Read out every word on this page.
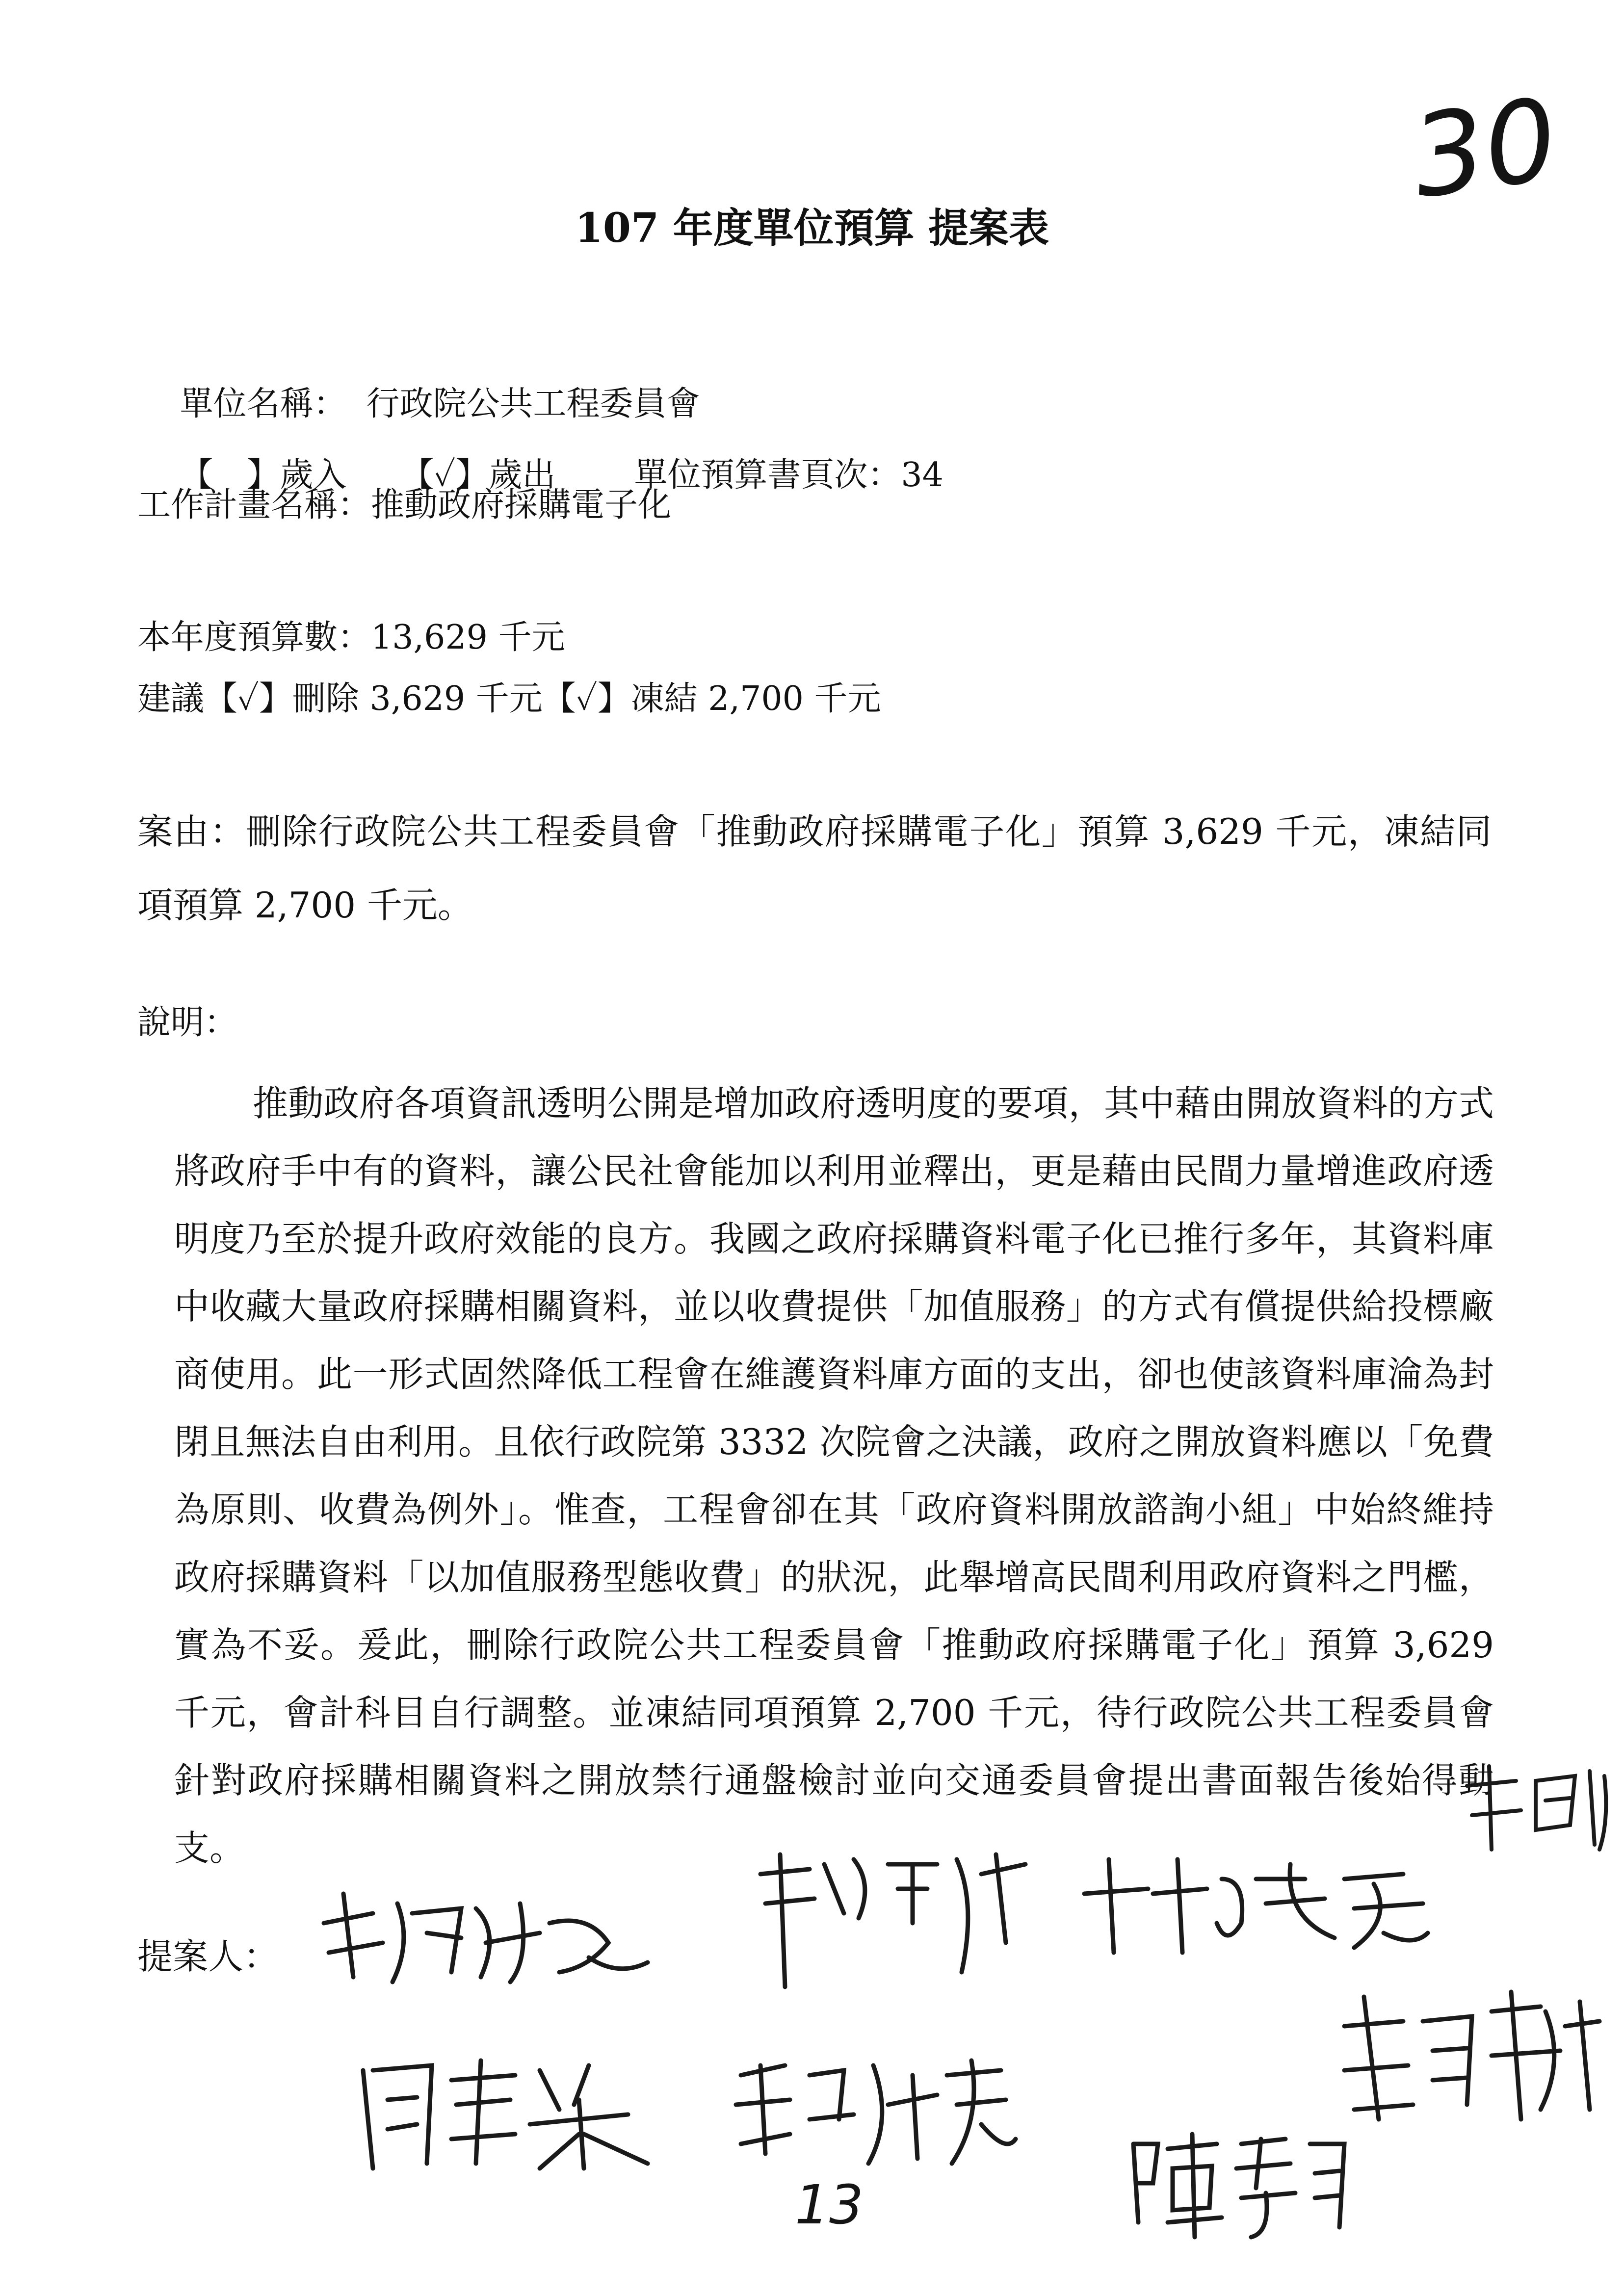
30
107 年度單位預算 提案表

單位名稱： 行政院公共工程委員會

【　】歲入 【✓】歲出 單位預算書頁次：34

工作計畫名稱：推動政府採購電子化
本年度預算數：13,629 千元
建議【✓】刪除 3,629 千元【✓】凍結 2,700 千元
案由：刪除行政院公共工程委員會「推動政府採購電子化」預算 3,629 千元，凍結同項預算 2,700 千元。
說明：
推動政府各項資訊透明公開是增加政府透明度的要項，其中藉由開放資料的方式將政府手中有的資料，讓公民社會能加以利用並釋出，更是藉由民間力量增進政府透明度乃至於提升政府效能的良方。我國之政府採購資料電子化已推行多年，其資料庫中收藏大量政府採購相關資料，並以收費提供「加值服務」的方式有償提供給投標廠商使用。此一形式固然降低工程會在維護資料庫方面的支出，卻也使該資料庫淪為封閉且無法自由利用。且依行政院第 3332 次院會之決議，政府之開放資料應以「免費為原則、收費為例外」。惟查，工程會卻在其「政府資料開放諮詢小組」中始終維持政府採購資料「以加值服務型態收費」的狀況，此舉增高民間利用政府資料之門檻，實為不妥。爰此，刪除行政院公共工程委員會「推動政府採購電子化」預算 3,629 千元，會計科目自行調整。並凍結同項預算 2,700 千元，待行政院公共工程委員會針對政府採購相關資料之開放禁行通盤檢討並向交通委員會提出書面報告後始得動支。
提案人：
13
